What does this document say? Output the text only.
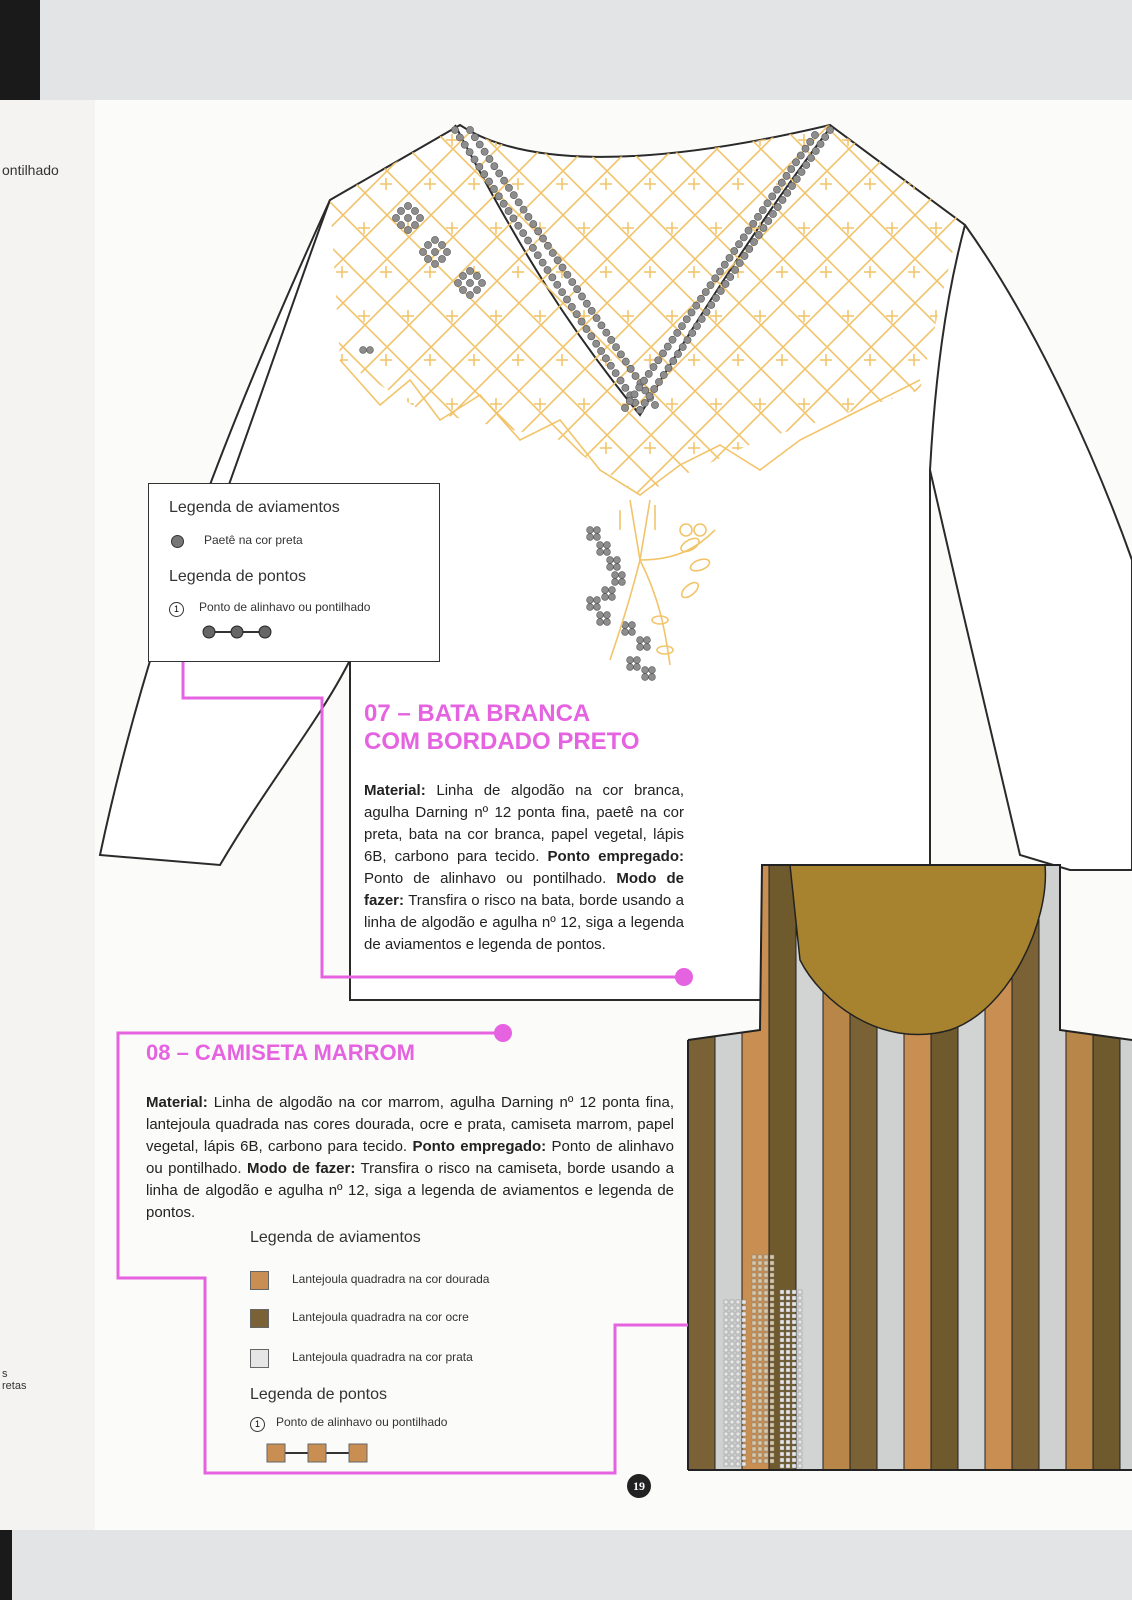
ontilhado
s
retas
Legenda de aviamentos
Paetê na cor preta
Legenda de pontos
1	Ponto de alinhavo ou pontilhado
07 – BATA BRANCA
COM BORDADO PRETO
Material: Linha de algodão na cor branca, agulha Darning nº 12 ponta fina, paetê na cor preta, bata na cor branca, papel vegetal, lápis 6B, carbono para tecido. Ponto empregado: Ponto de alinhavo ou pontilhado. Modo de fazer: Transfira o risco na bata, borde usando a linha de algodão e agulha nº 12, siga a legenda de aviamentos e legenda de pontos.
08 – CAMISETA MARROM
Material: Linha de algodão na cor marrom, agulha Darning nº 12 ponta fina, lantejoula quadrada nas cores dourada, ocre e prata, camiseta marrom, papel vegetal, lápis 6B, carbono para tecido. Ponto empregado: Ponto de alinhavo ou pontilhado. Modo de fazer: Transfira o risco na camiseta, borde usando a linha de algodão e agulha nº 12, siga a legenda de aviamentos e legenda de pontos.
Legenda de aviamentos
Lantejoula quadradra na cor dourada
Lantejoula quadradra na cor ocre
Lantejoula quadradra na cor prata
Legenda de pontos
1	Ponto de alinhavo ou pontilhado
19
